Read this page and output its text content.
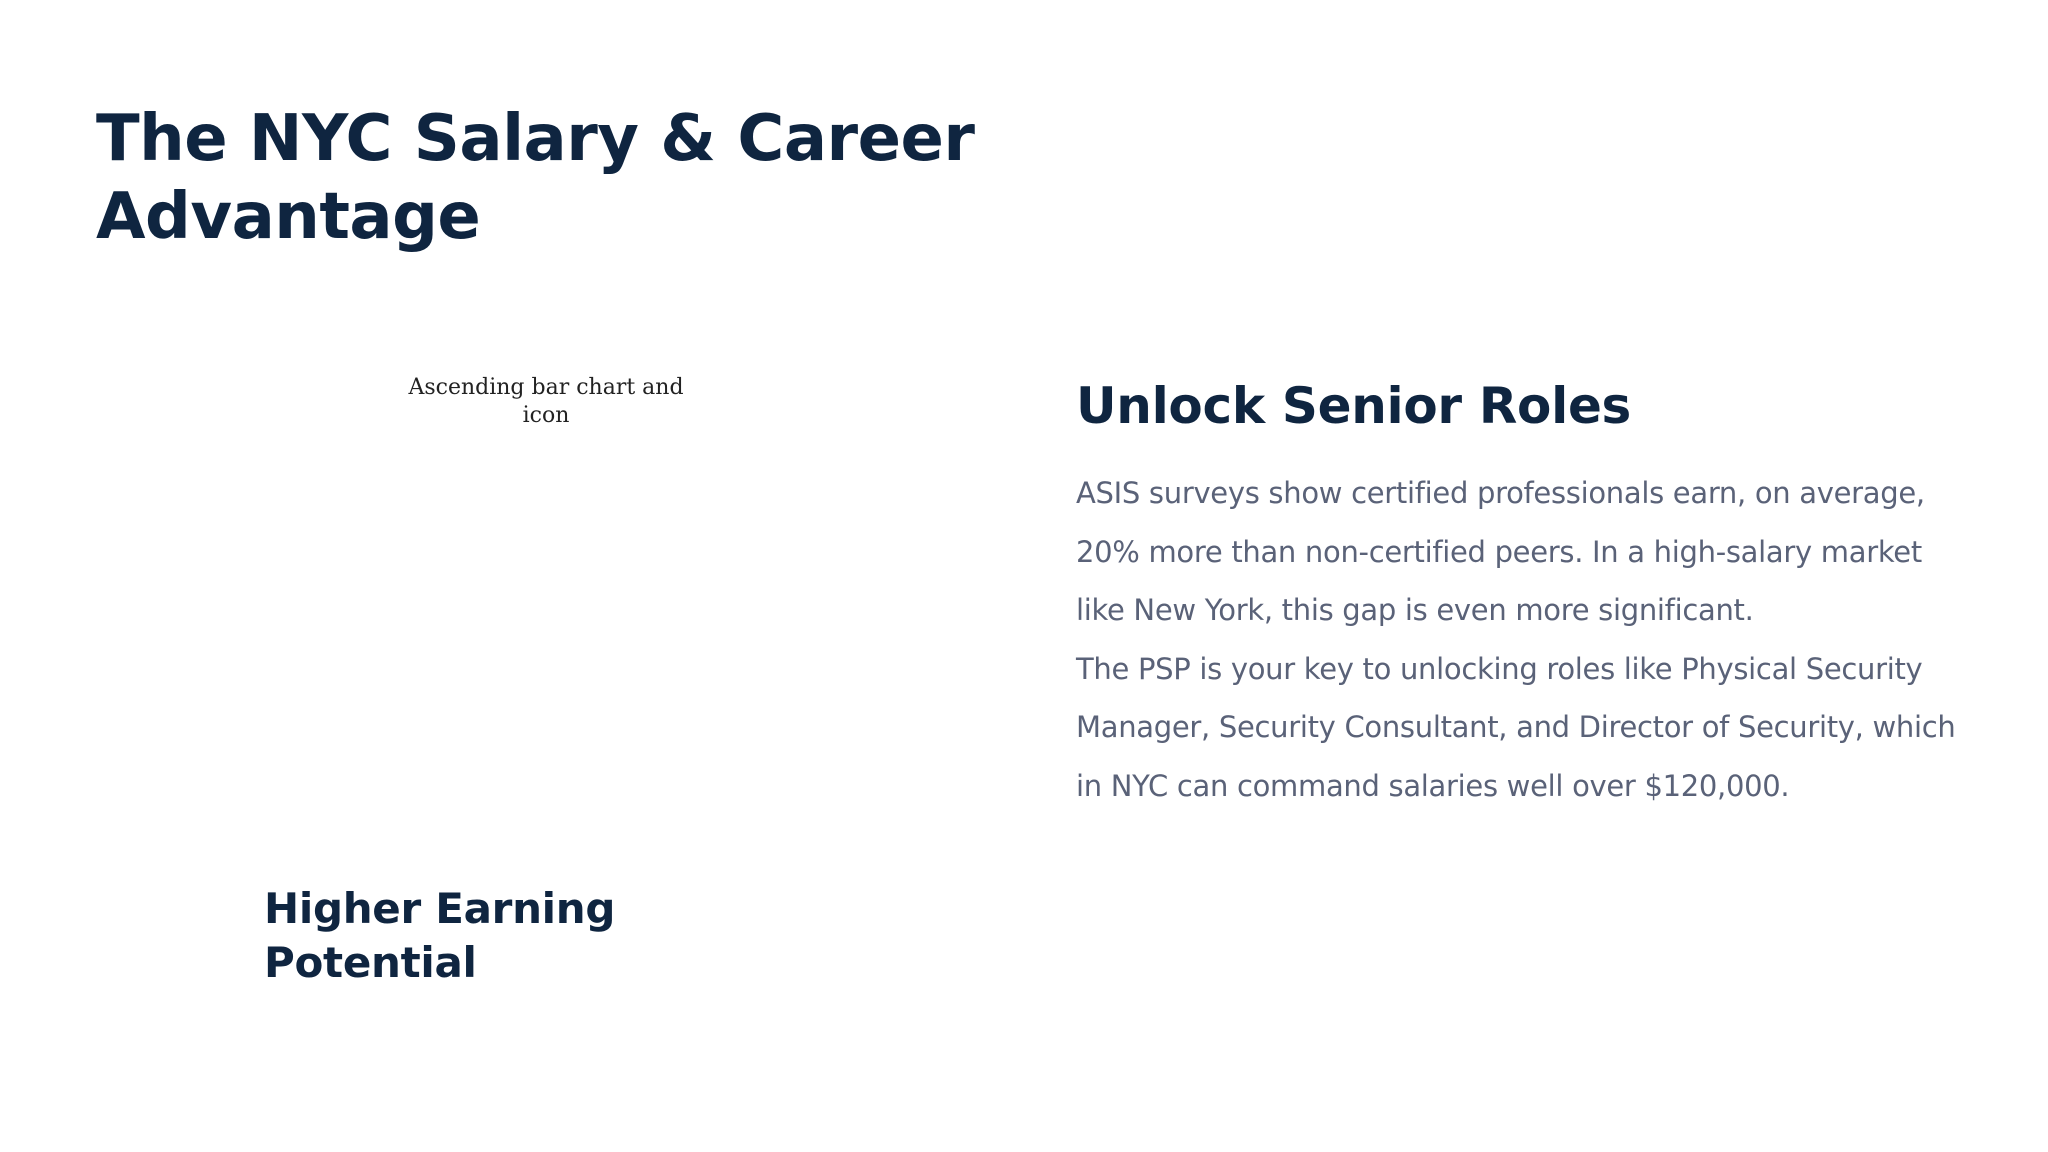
The NYC Salary & Career Advantage
Ascending bar chart and icon
Higher Earning Potential
Unlock Senior Roles

ASIS surveys show certified professionals earn, on average, 20% more than non-certified peers. In a high-salary market like New York, this gap is even more significant.

The PSP is your key to unlocking roles like Physical Security Manager, Security Consultant, and Director of Security, which in NYC can command salaries well over $120,000.
